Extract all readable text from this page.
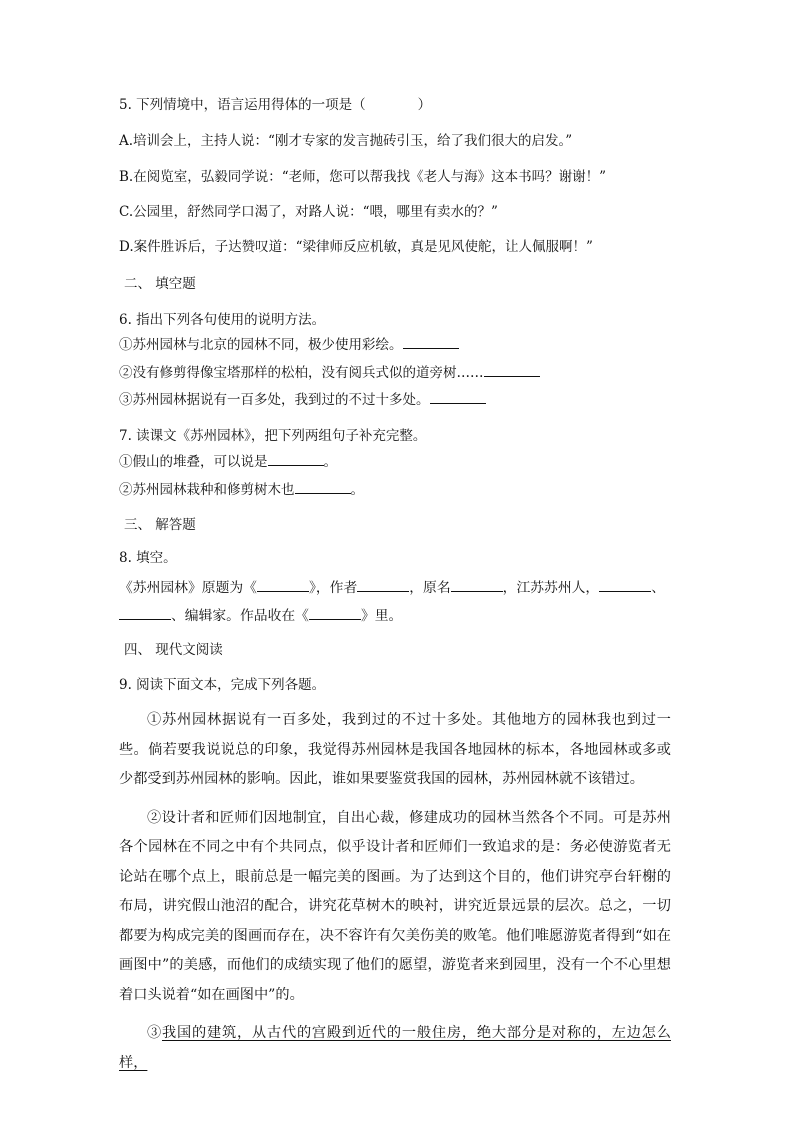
5. 下列情境中，语言运用得体的一项是（	）
A.培训会上，主持人说：“刚才专家的发言抛砖引玉，给了我们很大的启发。”
B.在阅览室，弘毅同学说：“老师，您可以帮我找《老人与海》这本书吗？谢谢！”
C.公园里，舒然同学口渴了，对路人说：“喂，哪里有卖水的？”
D.案件胜诉后，子达赞叹道：“梁律师反应机敏，真是见风使舵，让人佩服啊！”
二、 填空题
6. 指出下列各句使用的说明方法。
①苏州园林与北京的园林不同，极少使用彩绘。
②没有修剪得像宝塔那样的松柏，没有阅兵式似的道旁树……
③苏州园林据说有一百多处，我到过的不过十多处。
7. 读课文《苏州园林》，把下列两组句子补充完整。
①假山的堆叠，可以说是	。
②苏州园林栽种和修剪树木也	。
三、 解答题
8. 填空。
《苏州园林》原题为《	》，作者	，原名	，江苏苏州人，	、
、编辑家。作品收在《	》里。
四、 现代文阅读
9. 阅读下面文本，完成下列各题。

①苏州园林据说有一百多处，我到过的不过十多处。其他地方的园林我也到过一些。倘若要我说说总的印象，我觉得苏州园林是我国各地园林的标本，各地园林或多或少都受到苏州园林的影响。因此，谁如果要鉴赏我国的园林，苏州园林就不该错过。

②设计者和匠师们因地制宜，自出心裁，修建成功的园林当然各个不同。可是苏州各个园林在不同之中有个共同点，似乎设计者和匠师们一致追求的是：务必使游览者无论站在哪个点上，眼前总是一幅完美的图画。为了达到这个目的，他们讲究亭台轩榭的布局，讲究假山池沼的配合，讲究花草树木的映衬，讲究近景远景的层次。总之，一切都要为构成完美的图画而存在，决不容许有欠美伤美的败笔。他们唯愿游览者得到“如在画图中”的美感，而他们的成绩实现了他们的愿望，游览者来到园里，没有一个不心里想着口头说着“如在画图中”的。

③我国的建筑，从古代的宫殿到近代的一般住房，绝大部分是对称的，左边怎么样，
